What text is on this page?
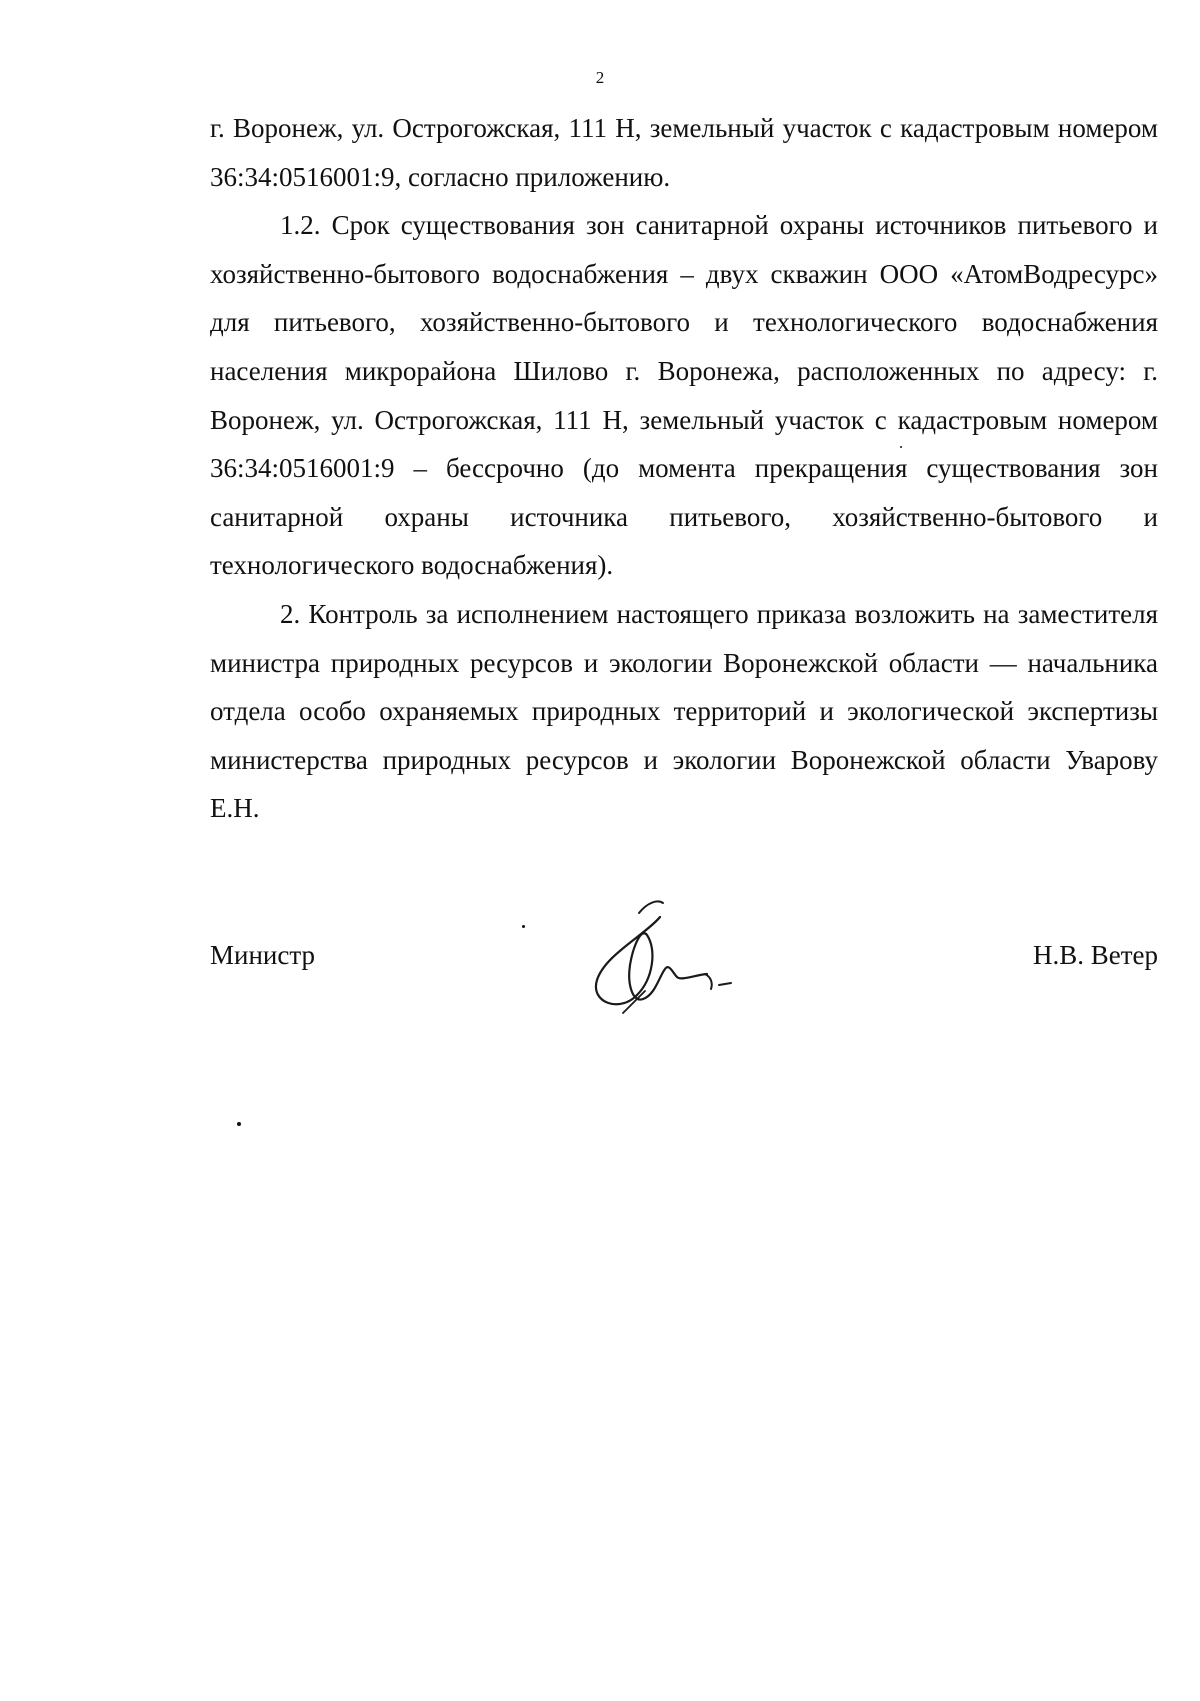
2

г. Воронеж, ул. Острогожская, 111 Н, земельный участок с кадастровым номером 36:34:0516001:9, согласно приложению.

1.2. Срок существования зон санитарной охраны источников питьевого и хозяйственно-бытового водоснабжения – двух скважин ООО «АтомВодресурс» для питьевого, хозяйственно-бытового и технологического водоснабжения населения микрорайона Шилово г. Воронежа, расположенных по адресу: г. Воронеж, ул. Острогожская, 111 Н, земельный участок с кадастровым номером 36:34:0516001:9 – бессрочно (до момента прекращения существования зон санитарной охраны источника питьевого, хозяйственно-бытового и технологического водоснабжения).

2. Контроль за исполнением настоящего приказа возложить на заместителя министра природных ресурсов и экологии Воронежской области — начальника отдела особо охраняемых природных территорий и экологической экспертизы министерства природных ресурсов и экологии Воронежской области Уварову Е.Н.

Министр	Н.В. Ветер
